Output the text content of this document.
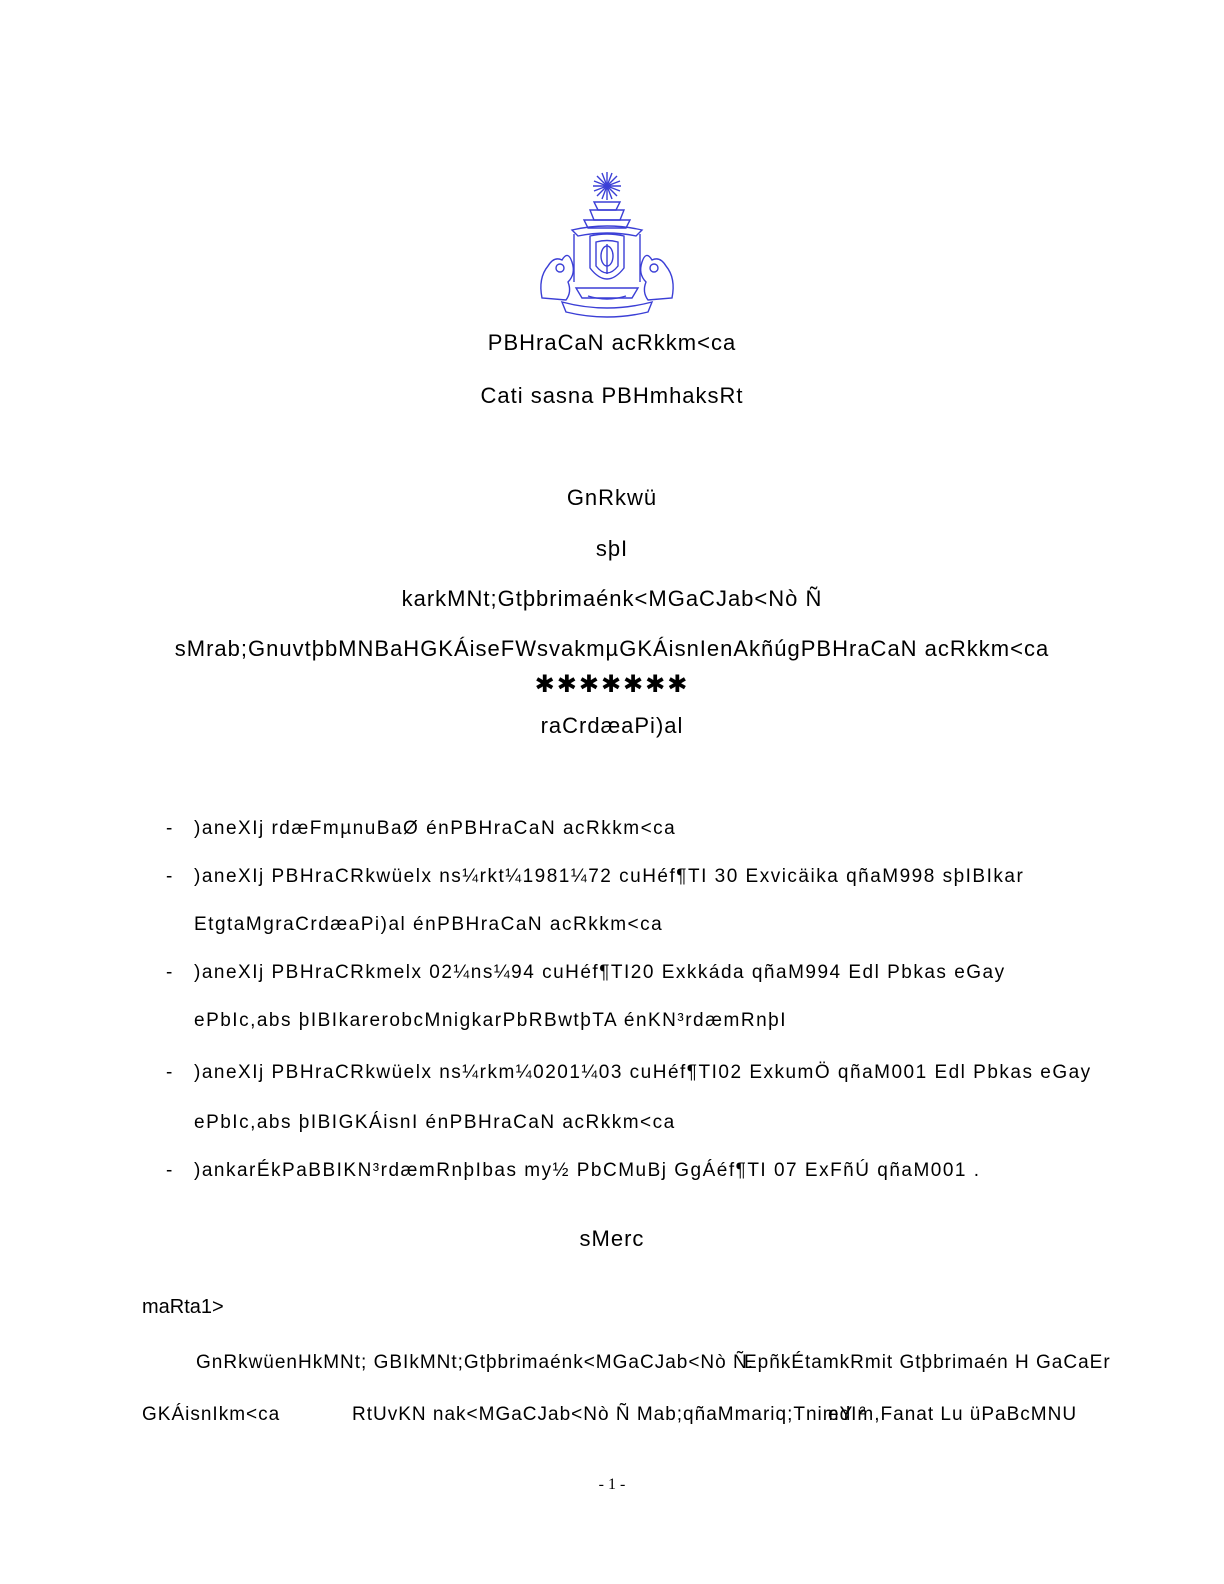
PBHraCaN acRkkm<ca
Cati sasna PBHmhaksRt
GnRkwü
sþI
karkMNt;Gtþbrimaénk<MGaCJab<Nò Ñ
sMrab;GnuvtþbMNBaHGKÁiseFWsvakmµGKÁisnIenAkñúgPBHraCaN acRkkm<ca
✱✱✱✱✱✱✱
raCrdæaPi)al
- )aneXIj rdæFmµnuBaØ énPBHraCaN acRkkm<ca
- )aneXIj PBHraCRkwüelx ns¼rkt¼1981¼72 cuHéf¶TI 30 Exvicäika qñaM998 sþIBIkar
EtgtaMgraCrdæaPi)al énPBHraCaN acRkkm<ca
- )aneXIj PBHraCRkmelx 02¼ns¼94 cuHéf¶TI20 Exkkáda qñaM994 Edl Pbkas eGay
ePbIc,abs þIBIkarerobcMnigkarPbRBwtþTA énKN³rdæmRnþI
- )aneXIj PBHraCRkwüelx ns¼rkm¼0201¼03 cuHéf¶TI02 ExkumÖ qñaM001 Edl Pbkas eGay
ePbIc,abs þIBIGKÁisnI énPBHraCaN acRkkm<ca
- )ankarÉkPaBBIKN³rdæmRnþIbas my½ PbCMuBj GgÁéf¶TI 07 ExFñÚ qñaM001 .
sMerc
maRta1>
GnRkwüenHkMNt; GBIkMNt;Gtþbrimaénk<MGaCJab<Nò Ñ.
EpñkÉtamkRmit Gtþbrimaén H GaCaEr
GKÁisnIkm<ca	RtUvKN nak<MGaCJab<Nò Ñ Mab;qñaMmariq;TnimY ²
edIm,Fanat Lu üPaBcMNU
- 1 -
